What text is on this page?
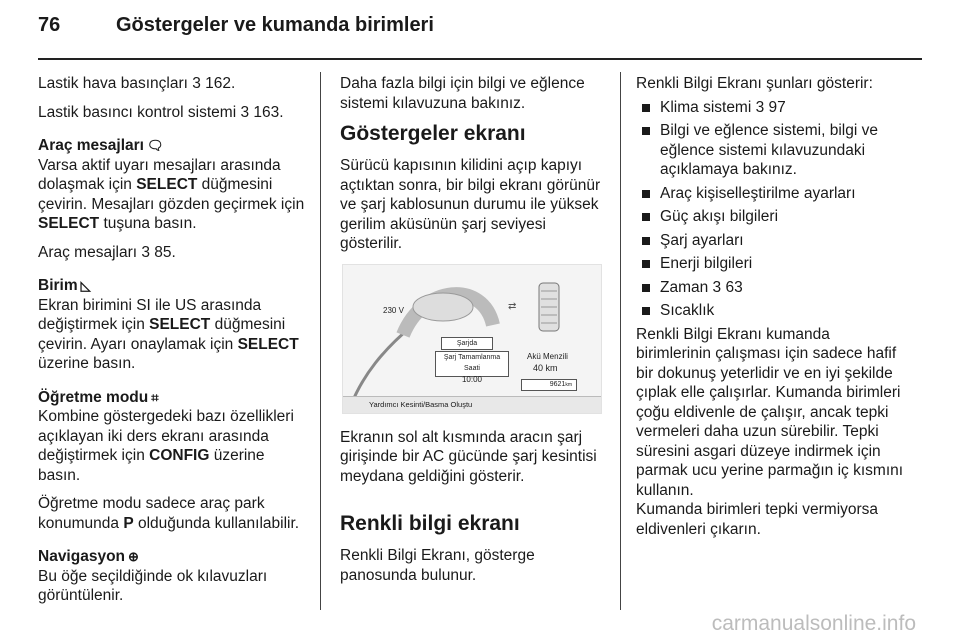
76	Göstergeler ve kumanda birimleri

Lastik hava basınçları 3 162.

Lastik basıncı kontrol sistemi 3 163.

Araç mesajları 🗨

Varsa aktif uyarı mesajları arasında dolaşmak için SELECT düğmesini çevirin. Mesajları gözden geçirmek için SELECT tuşuna basın.

Araç mesajları 3 85.

Birim ◺

Ekran birimini SI ile US arasında değiştirmek için SELECT düğmesini çevirin. Ayarı onaylamak için SELECT üzerine basın.

Öğretme modu ⌗

Kombine göstergedeki bazı özellikleri açıklayan iki ders ekranı arasında değiştirmek için CONFIG üzerine basın.

Öğretme modu sadece araç park konumunda P olduğunda kullanılabilir.

Navigasyon ⊕

Bu öğe seçildiğinde ok kılavuzları görüntülenir.

Daha fazla bilgi için bilgi ve eğlence sistemi kılavuzuna bakınız.

Göstergeler ekranı

Sürücü kapısının kilidini açıp kapıyı açtıktan sonra, bir bilgi ekranı görünür ve şarj kablosunun durumu ile yüksek gerilim aküsünün şarj seviyesi gösterilir.

⇄
230 V
Şarjda
Şarj Tamamlanma Saati
10:00
Akü Menzili
40 km
9621km
Yardımcı Kesinti/Basma Oluştu

Ekranın sol alt kısmında aracın şarj girişinde bir AC gücünde şarj kesintisi meydana geldiğini gösterir.

Renkli bilgi ekranı

Renkli Bilgi Ekranı, gösterge panosunda bulunur.

Renkli Bilgi Ekranı şunları gösterir:

Klima sistemi 3 97
Bilgi ve eğlence sistemi, bilgi ve eğlence sistemi kılavuzundaki açıklamaya bakınız.
Araç kişiselleştirilme ayarları
Güç akışı bilgileri
Şarj ayarları
Enerji bilgileri
Zaman 3 63
Sıcaklık

Renkli Bilgi Ekranı kumanda birimlerinin çalışması için sadece hafif bir dokunuş yeterlidir ve en iyi şekilde çıplak elle çalışırlar. Kumanda birimleri çoğu eldivenle de çalışır, ancak tepki vermeleri daha uzun sürebilir. Tepki süresini asgari düzeye indirmek için parmak ucu yerine parmağın iç kısmını kullanın.

Kumanda birimleri tepki vermiyorsa eldivenleri çıkarın.

carmanualsonline.info
